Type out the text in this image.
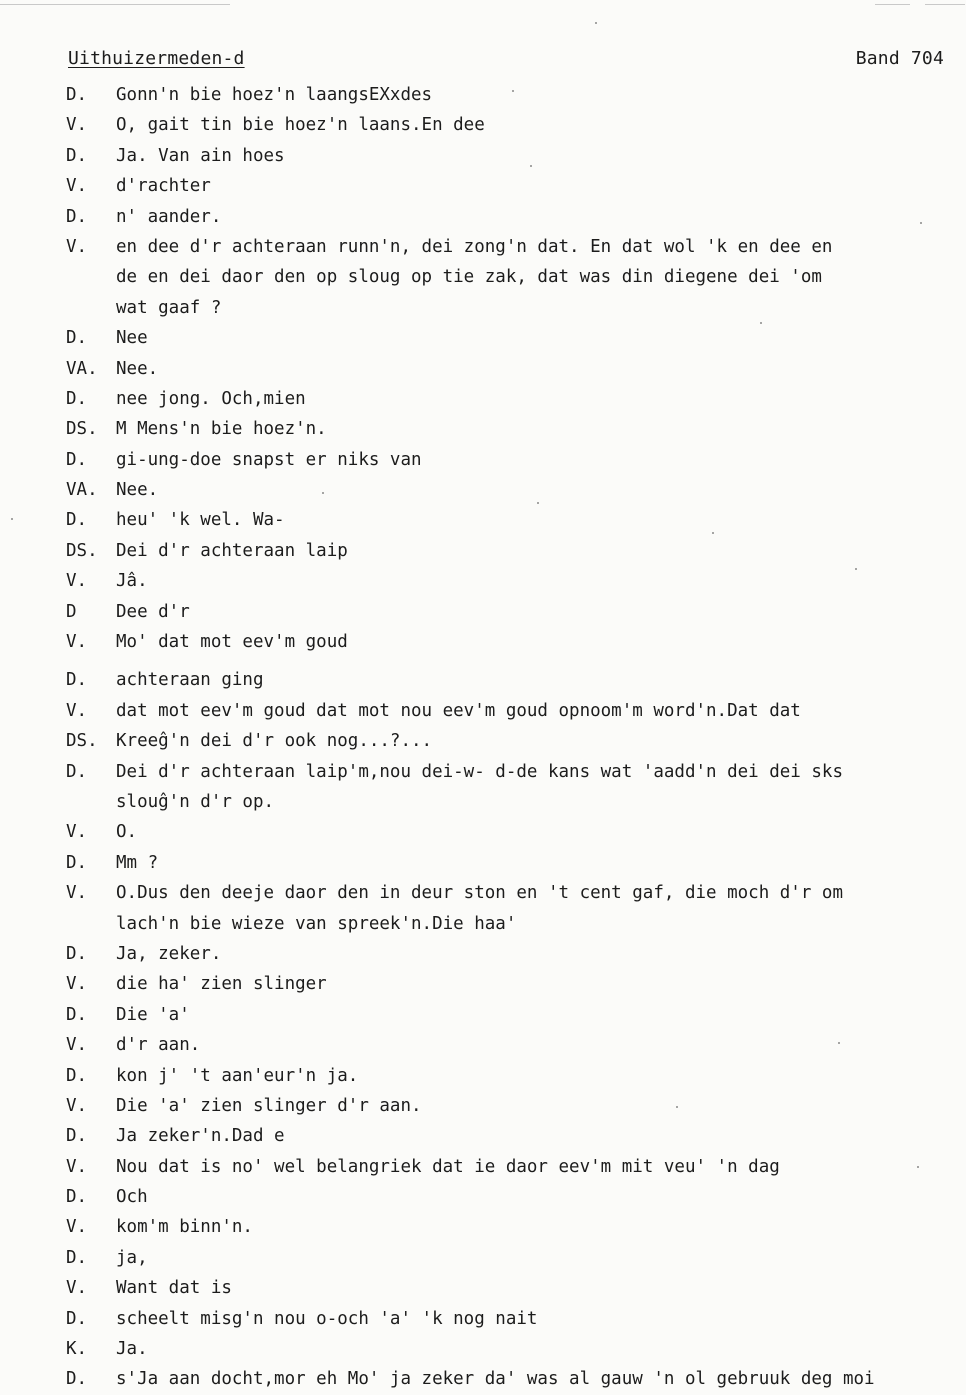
Uithuizermeden-d	Band 704
D.	Gonn'n bie hoez'n laangsEXxdes
V.	O, gait tin bie hoez'n laans.En dee
D.	Ja. Van ain hoes
V.	d'rachter
D.	n' aander.
V.	en dee d'r achteraan runn'n, dei zong'n dat. En dat wol 'k en dee en
de en dei daor den op sloug op tie zak, dat was din diegene dei 'om
wat gaaf ?
D.	Nee
VA.	Nee.
D.	nee jong. Och,mien
DS.	M Mens'n bie hoez'n.
D.	gi-ung-doe snapst er niks van
VA.	Nee.
D.	heu' 'k wel. Wa-
DS.	Dei d'r achteraan laip
V.	Jâ.
D	Dee d'r
V.	Mo' dat mot eev'm goud
D.	achteraan ging
V.	dat mot eev'm goud dat mot nou eev'm goud opnoom'm word'n.Dat dat
DS.	Kreeĝ'n dei d'r ook nog...?...
D.	Dei d'r achteraan laip'm,nou dei-w- d-de kans wat 'aadd'n dei dei sks
slouĝ'n d'r op.
V.	O.
D.	Mm ?
V.	O.Dus den deeje daor den in deur ston en 't cent gaf, die moch d'r om
lach'n bie wieze van spreek'n.Die haa'
D.	Ja, zeker.
V.	die ha' zien slinger
D.	Die 'a'
V.	d'r aan.
D.	kon j' 't aan'eur'n ja.
V.	Die 'a' zien slinger d'r aan.
D.	Ja zeker'n.Dad e
V.	Nou dat is no' wel belangriek dat ie daor eev'm mit veu' 'n dag
D.	Och
V.	kom'm binn'n.
D.	ja,
V.	Want dat is
D.	scheelt misg'n nou o-och 'a' 'k nog nait
K.	Ja.
D.	s'Ja aan docht,mor eh Mo' ja zeker da' was al gauw 'n ol gebruuk deg moi
